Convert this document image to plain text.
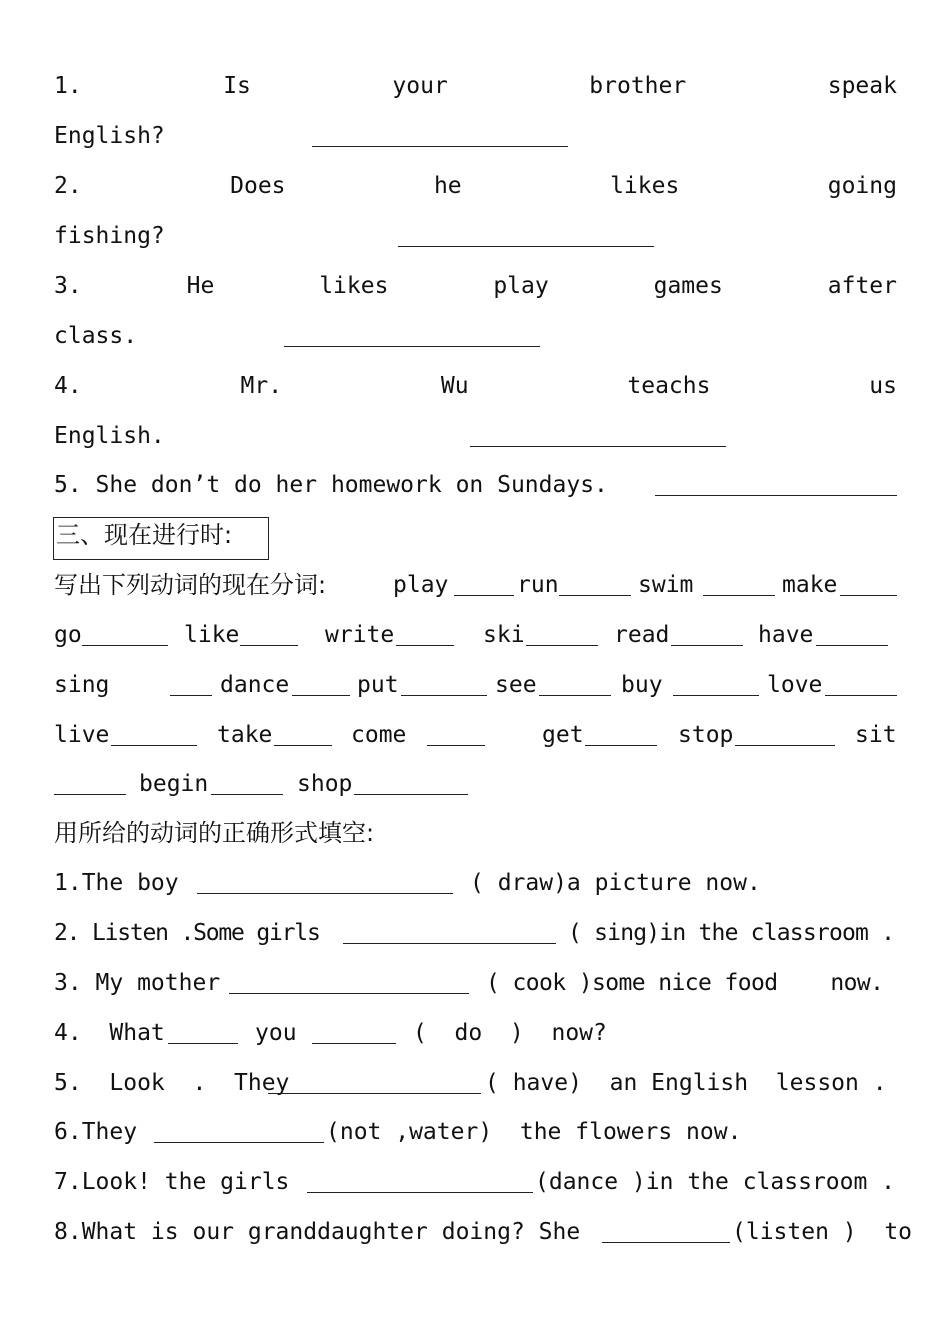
1.	Is	your	brother	speak
English?
2.	Does	he	likes	going
fishing?
3.	He	likes	play	games	after
class.
4.	Mr.	Wu	teachs	us
English.
5. She don’t do her homework on Sundays.
三、现在进行时:
写出下列动词的现在分词:	play	run	swim	make
go	like	write	ski	read	have
sing	dance	put	see	buy	love
live	take	come	get	stop	sit
begin	shop
用所给的动词的正确形式填空:
1.The boy	( draw)a picture now.
2. Listen .Some girls	( sing)in the classroom .
3. My mother	( cook )some nice food    now.
4.  What	you	(  do  )  now?
5.  Look  .  They	( have)  an English  lesson .
6.They	(not ,water)  the flowers now.
7.Look! the girls	(dance )in the classroom .
8.What is our granddaughter doing? She	(listen )  to
